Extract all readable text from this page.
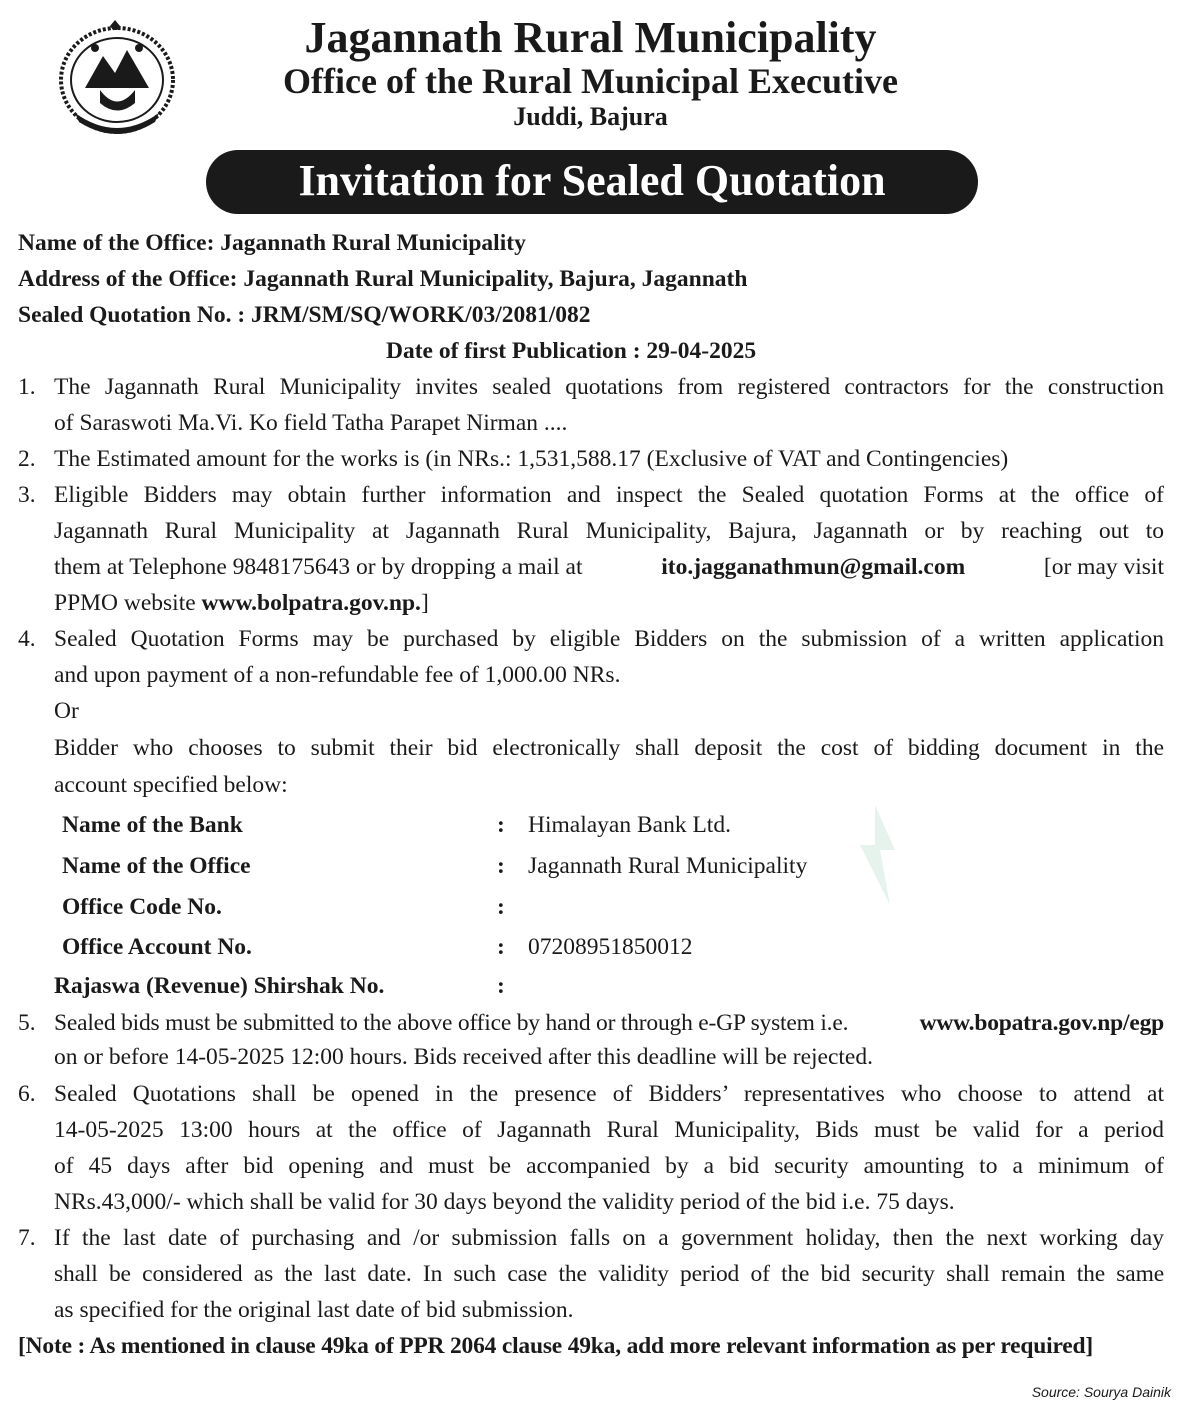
Jagannath Rural Municipality
Office of the Rural Municipal Executive
Juddi, Bajura
Invitation for Sealed Quotation
Name of the Office: Jagannath Rural Municipality
Address of the Office: Jagannath Rural Municipality, Bajura, Jagannath
Sealed Quotation No. : JRM/SM/SQ/WORK/03/2081/082
Date of first Publication : 29-04-2025
1. The Jagannath Rural Municipality invites sealed quotations from registered contractors for the construction
of Saraswoti Ma.Vi. Ko field Tatha Parapet Nirman ....
2. The Estimated amount for the works is (in NRs.: 1,531,588.17 (Exclusive of VAT and Contingencies)
3. Eligible Bidders may obtain further information and inspect the Sealed quotation Forms at the office of
Jagannath Rural Municipality at Jagannath Rural Municipality, Bajura, Jagannath or by reaching out to
them at Telephone 9848175643 or by dropping a mail at	ito.jagganathmun@gmail.com	[or may visit
PPMO website www.bolpatra.gov.np.]
4. Sealed Quotation Forms may be purchased by eligible Bidders on the submission of a written application
and upon payment of a non-refundable fee of 1,000.00 NRs.
Or
Bidder who chooses to submit their bid electronically shall deposit the cost of bidding document in the
account specified below:
Name of the Bank	: Himalayan Bank Ltd.
Name of the Office	: Jagannath Rural Municipality
Office Code No.	:
Office Account No.	: 07208951850012
Rajaswa (Revenue) Shirshak No.	:
5. Sealed bids must be submitted to the above office by hand or through e-GP system i.e.	www.bopatra.gov.np/egp
on or before 14-05-2025 12:00 hours. Bids received after this deadline will be rejected.
6. Sealed Quotations shall be opened in the presence of Bidders’ representatives who choose to attend at
14-05-2025 13:00 hours at the office of Jagannath Rural Municipality, Bids must be valid for a period
of 45 days after bid opening and must be accompanied by a bid security amounting to a minimum of
NRs.43,000/- which shall be valid for 30 days beyond the validity period of the bid i.e. 75 days.
7. If the last date of purchasing and /or submission falls on a government holiday, then the next working day
shall be considered as the last date. In such case the validity period of the bid security shall remain the same
as specified for the original last date of bid submission.
[Note : As mentioned in clause 49ka of PPR 2064 clause 49ka, add more relevant information as per required]
Source: Sourya Dainik
